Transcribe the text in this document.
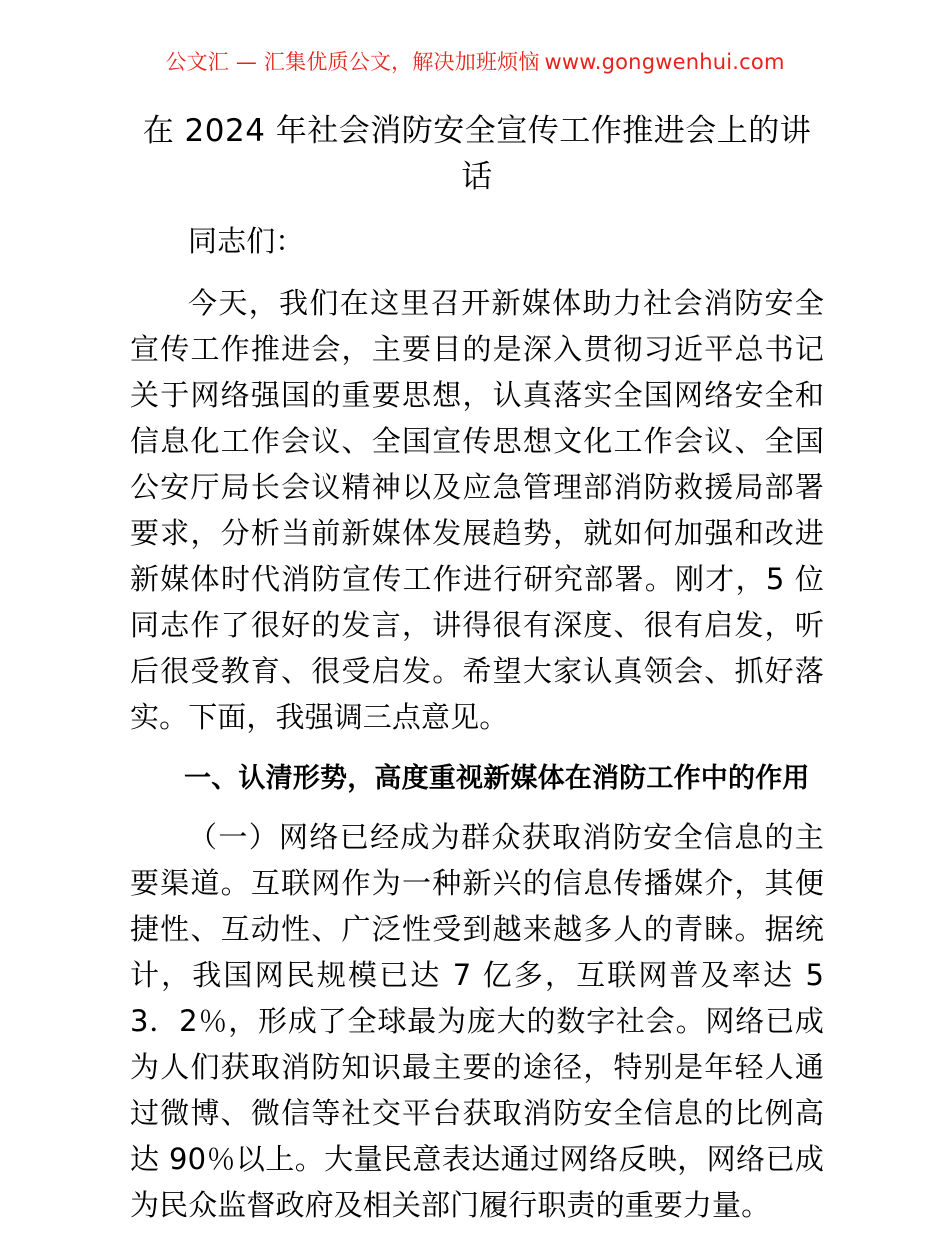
公文汇 — 汇集优质公文，解决加班烦恼 www.gongwenhui.com
在 2024 年社会消防安全宣传工作推进会上的讲话

同志们：

今天，我们在这里召开新媒体助力社会消防安全宣传工作推进会，主要目的是深入贯彻习近平总书记关于网络强国的重要思想，认真落实全国网络安全和信息化工作会议、全国宣传思想文化工作会议、全国公安厅局长会议精神以及应急管理部消防救援局部署要求，分析当前新媒体发展趋势，就如何加强和改进新媒体时代消防宣传工作进行研究部署。刚才，5 位同志作了很好的发言，讲得很有深度、很有启发，听后很受教育、很受启发。希望大家认真领会、抓好落实。下面，我强调三点意见。

一、认清形势，高度重视新媒体在消防工作中的作用

（一）网络已经成为群众获取消防安全信息的主要渠道。互联网作为一种新兴的信息传播媒介，其便捷性、互动性、广泛性受到越来越多人的青睐。据统计，我国网民规模已达 7 亿多，互联网普及率达 53．2％，形成了全球最为庞大的数字社会。网络已成为人们获取消防知识最主要的途径，特别是年轻人通过微博、微信等社交平台获取消防安全信息的比例高达 90％以上。大量民意表达通过网络反映，网络已成为民众监督政府及相关部门履行职责的重要力量。
